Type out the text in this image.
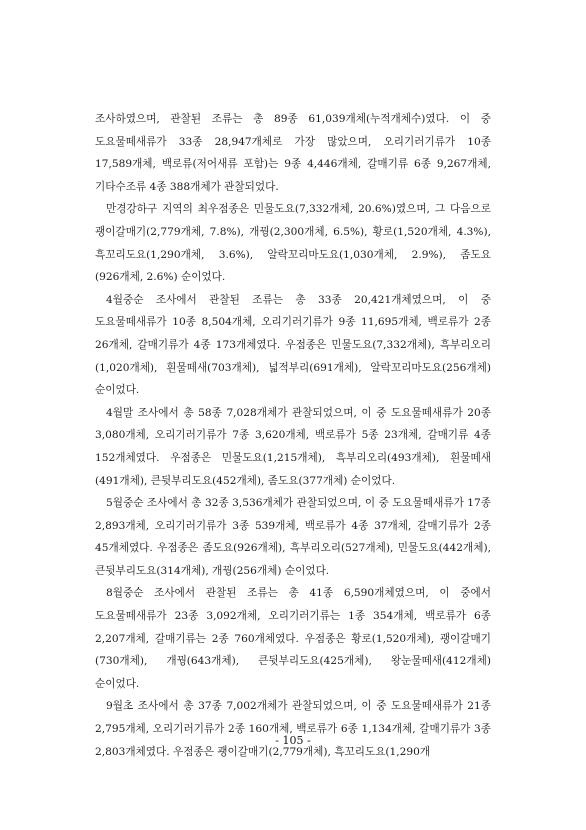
조사하였으며, 관찰된 조류는 총 89종 61,039개체(누적개체수)였다. 이 중 도요물떼새류가 33종 28,947개체로 가장 많았으며, 오리기러기류가 10종 17,589개체, 백로류(저어새류 포함)는 9종 4,446개체, 갈매기류 6종 9,267개체, 기타수조류 4종 388개체가 관찰되었다.

만경강하구 지역의 최우점종은 민물도요(7,332개체, 20.6%)였으며, 그 다음으로 괭이갈매기(2,779개체, 7.8%), 개꿩(2,300개체, 6.5%), 황로(1,520개체, 4.3%), 흑꼬리도요(1,290개체, 3.6%), 알락꼬리마도요(1,030개체, 2.9%), 좀도요(926개체, 2.6%) 순이었다.

4월중순 조사에서 관찰된 조류는 총 33종 20,421개체였으며, 이 중 도요물떼새류가 10종 8,504개체, 오리기러기류가 9종 11,695개체, 백로류가 2종 26개체, 갈매기류가 4종 173개체였다. 우점종은 민물도요(7,332개체), 흑부리오리(1,020개체), 흰물떼새(703개체), 넓적부리(691개체), 알락꼬리마도요(256개체) 순이었다.

4월말 조사에서 총 58종 7,028개체가 관찰되었으며, 이 중 도요물떼새류가 20종 3,080개체, 오리기러기류가 7종 3,620개체, 백로류가 5종 23개체, 갈매기류 4종 152개체였다. 우점종은 민물도요(1,215개체), 흑부리오리(493개체), 흰물떼새(491개체), 큰뒷부리도요(452개체), 좀도요(377개체) 순이었다.

5월중순 조사에서 총 32종 3,536개체가 관찰되었으며, 이 중 도요물떼새류가 17종 2,893개체, 오리기러기류가 3종 539개체, 백로류가 4종 37개체, 갈매기류가 2종 45개체였다. 우점종은 좀도요(926개체), 흑부리오리(527개체), 민물도요(442개체), 큰뒷부리도요(314개체), 개꿩(256개체) 순이었다.

8월중순 조사에서 관찰된 조류는 총 41종 6,590개체였으며, 이 중에서 도요물떼새류가 23종 3,092개체, 오리기러기류는 1종 354개체, 백로류가 6종 2,207개체, 갈매기류는 2종 760개체였다. 우점종은 황로(1,520개체), 괭이갈매기(730개체), 개꿩(643개체), 큰뒷부리도요(425개체), 왕눈물떼새(412개체) 순이었다.

9월초 조사에서 총 37종 7,002개체가 관찰되었으며, 이 중 도요물떼새류가 21종 2,795개체, 오리기러기류가 2종 160개체, 백로류가 6종 1,134개체, 갈매기류가 3종 2,803개체였다. 우점종은 괭이갈매기(2,779개체), 흑꼬리도요(1,290개

- 105 -
